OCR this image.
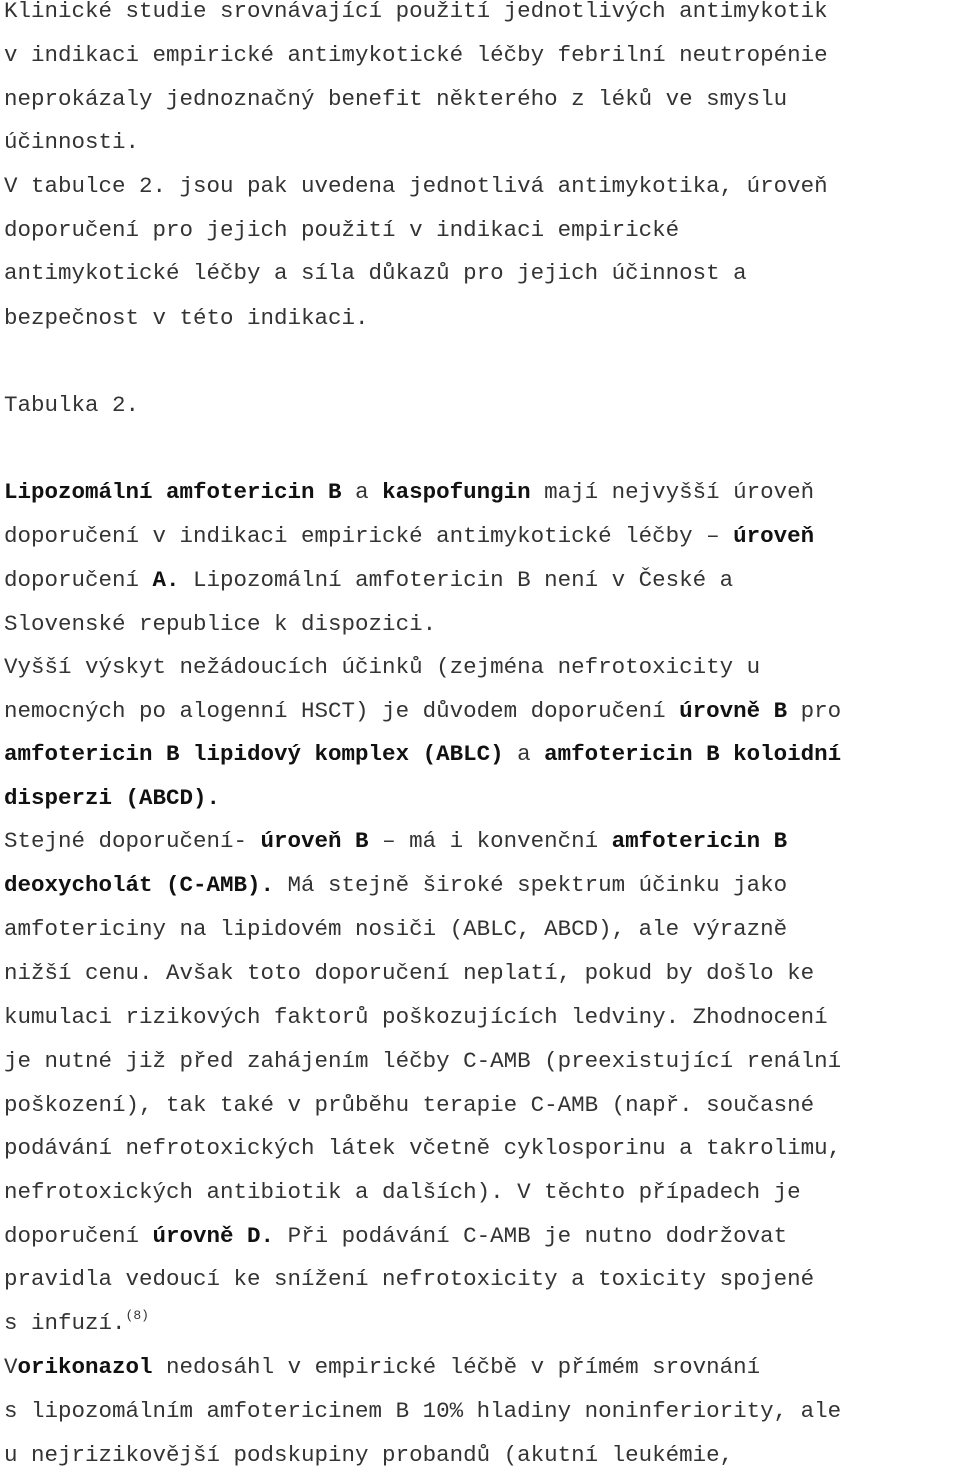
Klinické studie srovnávající použití jednotlivých antimykotik
v indikaci empirické antimykotické léčby febrilní neutropénie
neprokázaly jednoznačný benefit některého z léků ve smyslu
účinnosti.
V tabulce 2. jsou pak uvedena jednotlivá antimykotika, úroveň
doporučení pro jejich použití v indikaci empirické
antimykotické léčby a síla důkazů pro jejich účinnost a
bezpečnost v této indikaci.
Tabulka 2.
Lipozomální amfotericin B a kaspofungin mají nejvyšší úroveň
doporučení v indikaci empirické antimykotické léčby – úroveň
doporučení A. Lipozomální amfotericin B není v České a
Slovenské republice k dispozici.
Vyšší výskyt nežádoucích účinků (zejména nefrotoxicity u
nemocných po alogenní HSCT) je důvodem doporučení úrovně B pro
amfotericin B lipidový komplex (ABLC) a amfotericin B koloidní
disperzi (ABCD).
Stejné doporučení- úroveň B – má i konvenční amfotericin B
deoxycholát (C-AMB). Má stejně široké spektrum účinku jako
amfotericiny na lipidovém nosiči (ABLC, ABCD), ale výrazně
nižší cenu. Avšak toto doporučení neplatí, pokud by došlo ke
kumulaci rizikových faktorů poškozujících ledviny. Zhodnocení
je nutné již před zahájením léčby C-AMB (preexistující renální
poškození), tak také v průběhu terapie C-AMB (např. současné
podávání nefrotoxických látek včetně cyklosporinu a takrolimu,
nefrotoxických antibiotik a dalších). V těchto případech je
doporučení úrovně D. Při podávání C-AMB je nutno dodržovat
pravidla vedoucí ke snížení nefrotoxicity a toxicity spojené
s infuzí.$^{(8)}$
Vorikonazol nedosáhl v empirické léčbě v přímém srovnání
s lipozomálním amfotericinem B 10% hladiny noninferiority, ale
u nejrizikovější podskupiny probandů (akutní leukémie,
